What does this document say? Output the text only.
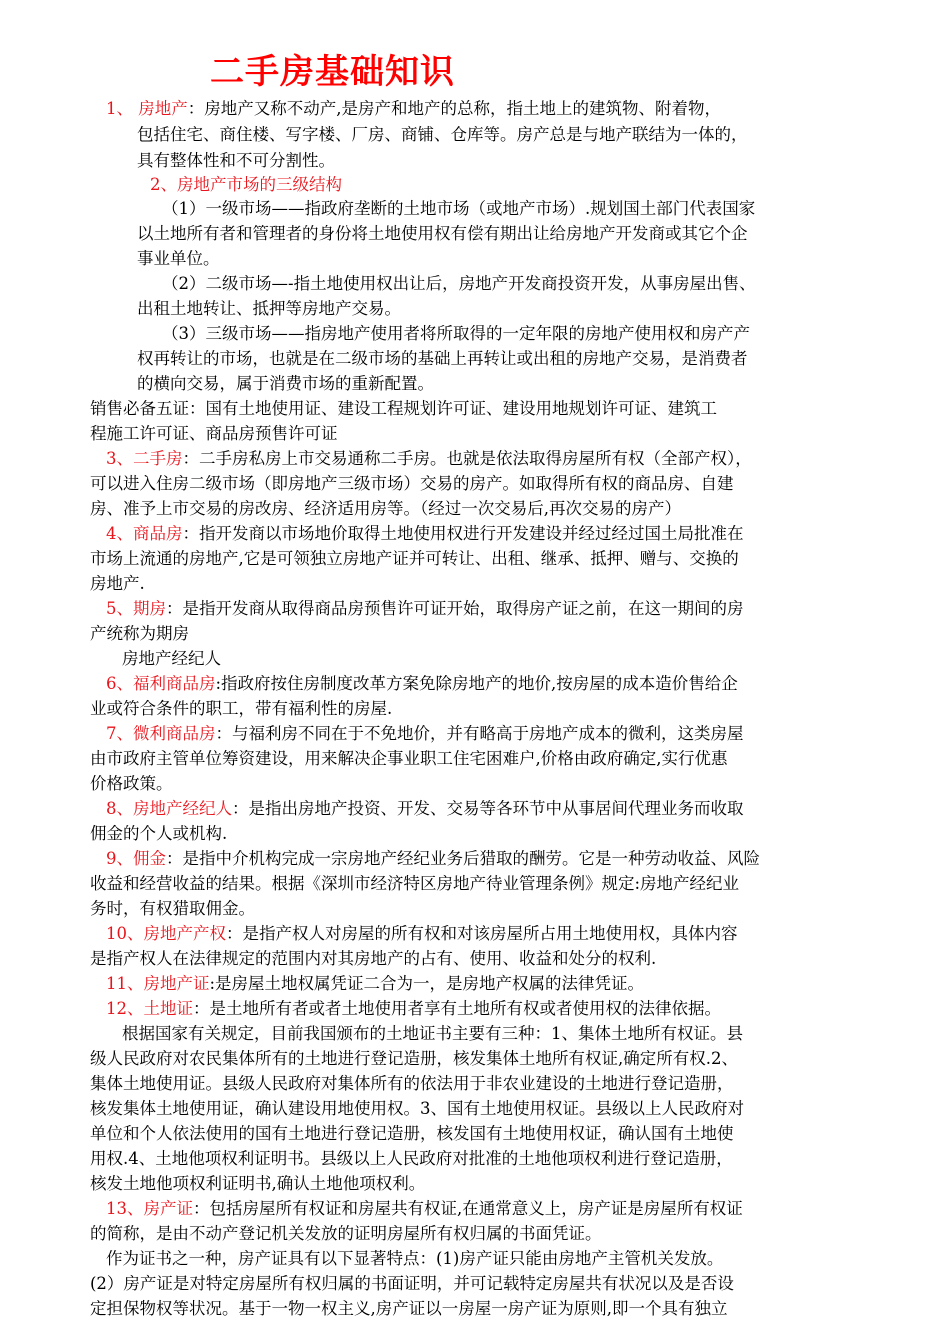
二手房基础知识
1、 房地产：房地产又称不动产,是房产和地产的总称，指土地上的建筑物、附着物，
包括住宅、商住楼、写字楼、厂房、商铺、仓库等。房产总是与地产联结为一体的，
具有整体性和不可分割性。
2、房地产市场的三级结构
（1）一级市场——指政府垄断的土地市场（或地产市场）.规划国土部门代表国家
以土地所有者和管理者的身份将土地使用权有偿有期出让给房地产开发商或其它个企
事业单位。
（2）二级市场—-指土地使用权出让后，房地产开发商投资开发，从事房屋出售、
出租土地转让、抵押等房地产交易。
（3）三级市场——指房地产使用者将所取得的一定年限的房地产使用权和房产产
权再转让的市场，也就是在二级市场的基础上再转让或出租的房地产交易，是消费者
的横向交易，属于消费市场的重新配置。
销售必备五证：国有土地使用证、建设工程规划许可证、建设用地规划许可证、建筑工
程施工许可证、商品房预售许可证
3、二手房：二手房私房上市交易通称二手房。也就是依法取得房屋所有权（全部产权），
可以进入住房二级市场（即房地产三级市场）交易的房产。如取得所有权的商品房、自建
房、准予上市交易的房改房、经济适用房等。（经过一次交易后,再次交易的房产）
4、商品房：指开发商以市场地价取得土地使用权进行开发建设并经过经过国土局批准在
市场上流通的房地产,它是可领独立房地产证并可转让、出租、继承、抵押、赠与、交换的
房地产.
5、期房：是指开发商从取得商品房预售许可证开始，取得房产证之前，在这一期间的房
产统称为期房
房地产经纪人
6、福利商品房:指政府按住房制度改革方案免除房地产的地价,按房屋的成本造价售给企
业或符合条件的职工，带有福利性的房屋.
7、微利商品房：与福利房不同在于不免地价，并有略高于房地产成本的微利，这类房屋
由市政府主管单位筹资建设，用来解决企事业职工住宅困难户,价格由政府确定,实行优惠
价格政策。
8、房地产经纪人：是指出房地产投资、开发、交易等各环节中从事居间代理业务而收取
佣金的个人或机构.
9、佣金：是指中介机构完成一宗房地产经纪业务后猎取的酬劳。它是一种劳动收益、风险
收益和经营收益的结果。根据《深圳市经济特区房地产待业管理条例》规定:房地产经纪业
务时，有权猎取佣金。
10、房地产产权：是指产权人对房屋的所有权和对该房屋所占用土地使用权，具体内容
是指产权人在法律规定的范围内对其房地产的占有、使用、收益和处分的权利.
11、房地产证:是房屋土地权属凭证二合为一，是房地产权属的法律凭证。
12、土地证：是土地所有者或者土地使用者享有土地所有权或者使用权的法律依据。
根据国家有关规定，目前我国颁布的土地证书主要有三种：1、集体土地所有权证。县
级人民政府对农民集体所有的土地进行登记造册，核发集体土地所有权证,确定所有权.2、
集体土地使用证。县级人民政府对集体所有的依法用于非农业建设的土地进行登记造册，
核发集体土地使用证，确认建设用地使用权。3、国有土地使用权证。县级以上人民政府对
单位和个人依法使用的国有土地进行登记造册，核发国有土地使用权证，确认国有土地使
用权.4、土地他项权利证明书。县级以上人民政府对批准的土地他项权利进行登记造册，
核发土地他项权利证明书,确认土地他项权利。
13、房产证：包括房屋所有权证和房屋共有权证,在通常意义上，房产证是房屋所有权证
的简称，是由不动产登记机关发放的证明房屋所有权归属的书面凭证。
作为证书之一种，房产证具有以下显著特点：(1)房产证只能由房地产主管机关发放。
(2）房产证是对特定房屋所有权归属的书面证明，并可记载特定房屋共有状况以及是否设
定担保物权等状况。基于一物一权主义,房产证以一房屋一房产证为原则,即一个具有独立
